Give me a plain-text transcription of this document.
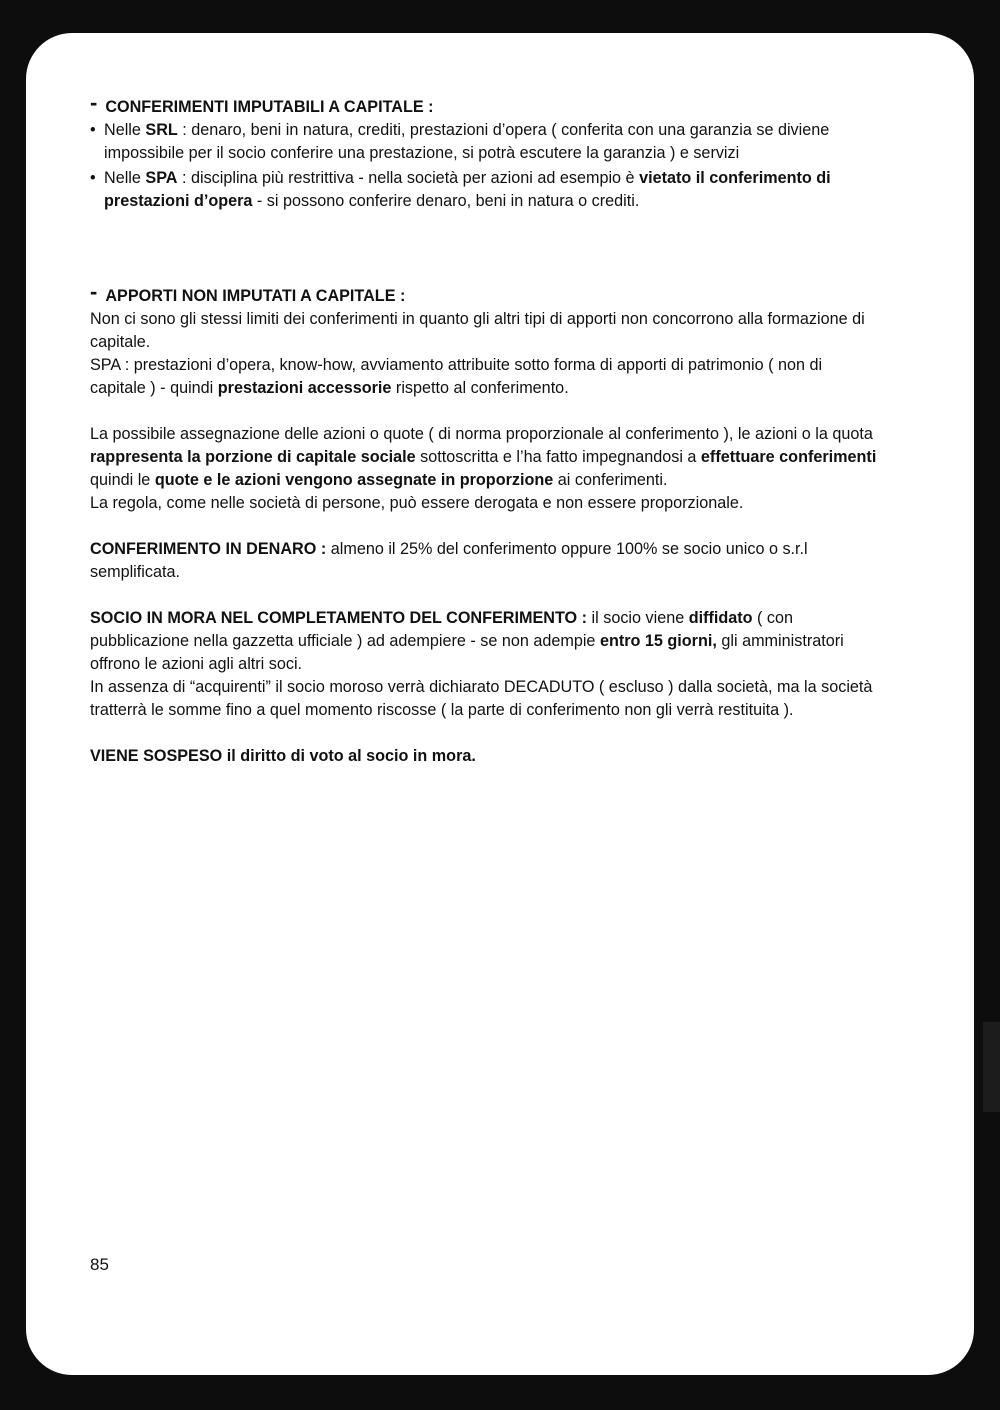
- CONFERIMENTI IMPUTABILI A CAPITALE :
• Nelle SRL : denaro, beni in natura, crediti, prestazioni d’opera ( conferita con una garanzia se diviene impossibile per il socio conferire una prestazione, si potrà escutere la garanzia ) e servizi
• Nelle SPA : disciplina più restrittiva - nella società per azioni ad esempio è vietato il conferimento di prestazioni d’opera - si possono conferire denaro, beni in natura o crediti.
- APPORTI NON IMPUTATI A CAPITALE :

Non ci sono gli stessi limiti dei conferimenti in quanto gli altri tipi di apporti non concorrono alla formazione di capitale.

SPA : prestazioni d’opera, know-how, avviamento attribuite sotto forma di apporti di patrimonio ( non di capitale ) - quindi prestazioni accessorie rispetto al conferimento.

La possibile assegnazione delle azioni o quote ( di norma proporzionale al conferimento ), le azioni o la quota rappresenta la porzione di capitale sociale sottoscritta e l’ha fatto impegnandosi a effettuare conferimenti quindi le quote e le azioni vengono assegnate in proporzione ai conferimenti.

La regola, come nelle società di persone, può essere derogata e non essere proporzionale.

CONFERIMENTO IN DENARO : almeno il 25% del conferimento oppure 100% se socio unico o s.r.l semplificata.

SOCIO IN MORA NEL COMPLETAMENTO DEL CONFERIMENTO : il socio viene diffidato ( con pubblicazione nella gazzetta ufficiale ) ad adempiere - se non adempie entro 15 giorni, gli amministratori offrono le azioni agli altri soci.

In assenza di “acquirenti” il socio moroso verrà dichiarato DECADUTO ( escluso ) dalla società, ma la società tratterrà le somme fino a quel momento riscosse ( la parte di conferimento non gli verrà restituita ).

VIENE SOSPESO il diritto di voto al socio in mora.

85
